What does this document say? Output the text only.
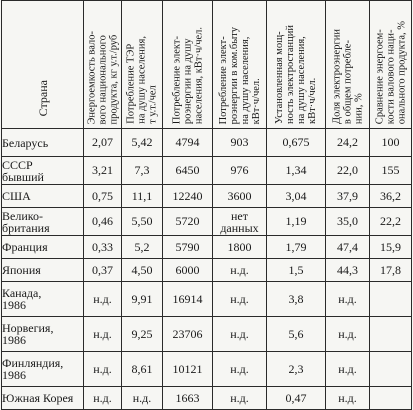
Страна	Энергоемкость вало-
вого национального
продукта, кг у.т./руб	Потребление ТЭР
на душу населения,
т у.т./чел	Потребление элект-
роэнергии на душу
населения, кВт·ч/чел.	Потребление элект-
роэнергии в ком.быту
на душу населения,
кВт·ч/чел.	Установленная мощ-
ность электростанций
на душу населения,
кВт·ч/чел.	Доля электроэнергии
в общем потребле-
нии, %	Сравнение энергоем-
кости валового наци-
онального продукта, %

Беларусь	2,07	5,42	4794	903	0,675	24,2	100

СССР
бывший	3,21	7,3	6450	976	1,34	22,0	155

США	0,75	11,1	12240	3600	3,04	37,9	36,2

Велико-
британия	0,46	5,50	5720	нет
данных	1,19	35,0	22,2

Франция	0,33	5,2	5790	1800	1,79	47,4	15,9

Япония	0,37	4,50	6000	н.д.	1,5	44,3	17,8

Канада,
1986	н.д.	9,91	16914	н.д.	3,8	н.д.	

Норвегия,
1986	н.д.	9,25	23706	н.д.	5,6	н.д.	

Финляндия,
1986	н.д.	8,61	10121	н.д.	2,3	н.д.	

Южная Корея	н.д.	н.д.	1663	н.д.	0,47	н.д.	
